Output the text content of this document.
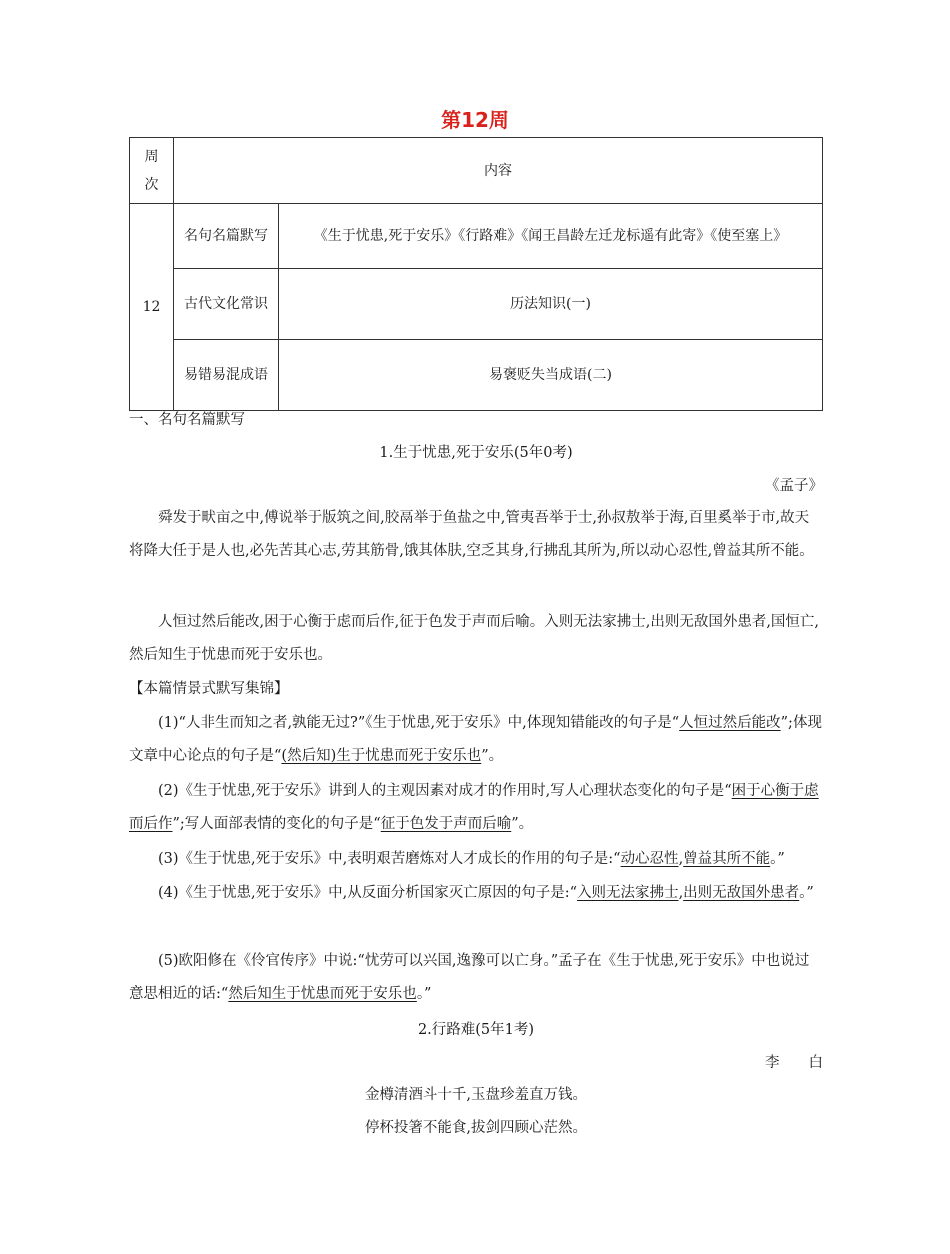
第12周
周次	内容	
12	名句名篇默写	《生于忧患,死于安乐》《行路难》《闻王昌龄左迁龙标遥有此寄》《使至塞上》
	古代文化常识	历法知识(一)
	易错易混成语	易褒贬失当成语(二)

一、名句名篇默写

1.生于忧患,死于安乐(5年0考)

《孟子》

舜发于畎亩之中,傅说举于版筑之间,胶鬲举于鱼盐之中,管夷吾举于士,孙叔敖举于海,百里奚举于市,故天将降大任于是人也,必先苦其心志,劳其筋骨,饿其体肤,空乏其身,行拂乱其所为,所以动心忍性,曾益其所不能。

人恒过然后能改,困于心衡于虑而后作,征于色发于声而后喻。入则无法家拂士,出则无敌国外患者,国恒亡,然后知生于忧患而死于安乐也。

【本篇情景式默写集锦】

(1)“人非生而知之者,孰能无过?”《生于忧患,死于安乐》中,体现知错能改的句子是“人恒过然后能改”;体现文章中心论点的句子是“(然后知)生于忧患而死于安乐也”。

(2)《生于忧患,死于安乐》讲到人的主观因素对成才的作用时,写人心理状态变化的句子是“困于心衡于虑而后作”;写人面部表情的变化的句子是“征于色发于声而后喻”。

(3)《生于忧患,死于安乐》中,表明艰苦磨炼对人才成长的作用的句子是:“动心忍性,曾益其所不能。”

(4)《生于忧患,死于安乐》中,从反面分析国家灭亡原因的句子是:“入则无法家拂士,出则无敌国外患者。”

(5)欧阳修在《伶官传序》中说:“忧劳可以兴国,逸豫可以亡身。”孟子在《生于忧患,死于安乐》中也说过意思相近的话:“然后知生于忧患而死于安乐也。”

2.行路难(5年1考)

李 白

金樽清酒斗十千,玉盘珍羞直万钱。

停杯投箸不能食,拔剑四顾心茫然。
